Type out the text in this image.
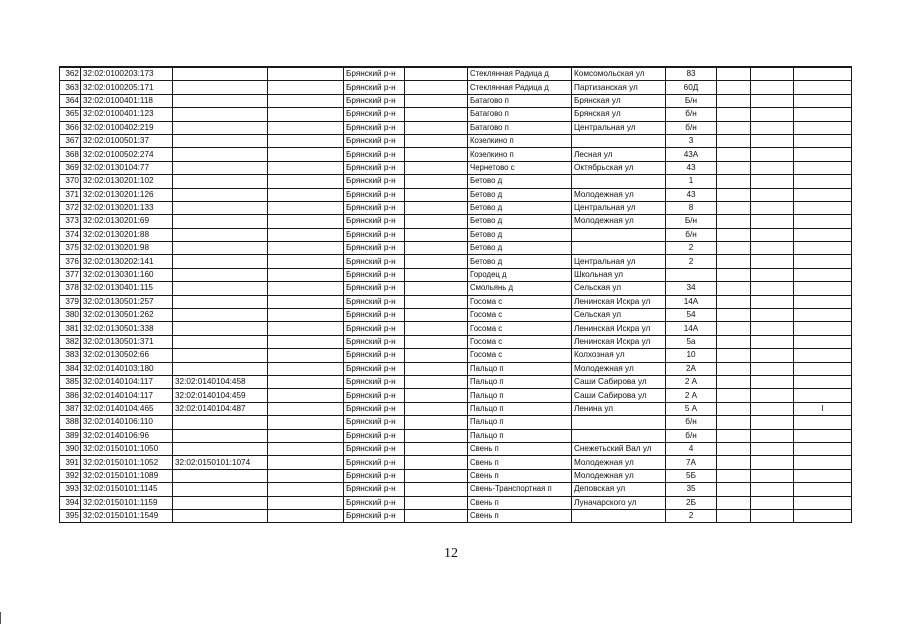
362	32:02:0100203:173			Брянский р-н		Стеклянная Радица д	Комсомольская ул	83			
363	32:02:0100205:171			Брянский р-н		Стеклянная Радица д	Партизанская ул	60Д			
364	32:02:0100401:118			Брянский р-н		Батагово п	Брянская ул	Б/н			
365	32:02:0100401:123			Брянский р-н		Батагово п	Брянская ул	б/н			
366	32:02:0100402:219			Брянский р-н		Батагово п	Центральная ул	б/н			
367	32:02:0100501:37			Брянский р-н		Козелкино п		3			
368	32:02:0100502:274			Брянский р-н		Козелкино п	Лесная ул	43А			
369	32:02:0130104:77			Брянский р-н		Чернетово с	Октябрьская ул	43			
370	32:02:0130201:102			Брянский р-н		Бетово д		1			
371	32:02:0130201:126			Брянский р-н		Бетово д	Молодежная ул	43			
372	32:02:0130201:133			Брянский р-н		Бетово д	Центральная ул	8			
373	32:02:0130201:69			Брянский р-н		Бетово д	Молодежная ул	Б/н			
374	32:02:0130201:88			Брянский р-н		Бетово д		б/н			
375	32:02:0130201:98			Брянский р-н		Бетово д		2			
376	32:02:0130202:141			Брянский р-н		Бетово д	Центральная ул	2			
377	32:02:0130301:160			Брянский р-н		Городец д	Школьная ул				
378	32:02:0130401:115			Брянский р-н		Смольянь д	Сельская ул	34			
379	32:02:0130501:257			Брянский р-н		Госома с	Ленинская Искра ул	14А			
380	32:02:0130501:262			Брянский р-н		Госома с	Сельская ул	54			
381	32:02:0130501:338			Брянский р-н		Госома с	Ленинская Искра ул	14А			
382	32:02:0130501:371			Брянский р-н		Госома с	Ленинская Искра ул	5а			
383	32:02:0130502:66			Брянский р-н		Госома с	Колхозная ул	10			
384	32:02:0140103:180			Брянский р-н		Пальцо п	Молодежная ул	2А			
385	32:02:0140104:117	32:02:0140104:458		Брянский р-н		Пальцо п	Саши Сабирова ул	2 А			
386	32:02:0140104:117	32:02:0140104:459		Брянский р-н		Пальцо п	Саши Сабирова ул	2 А			
387	32:02:0140104:465	32:02:0140104:487		Брянский р-н		Пальцо п	Ленина ул	5 А			I
388	32:02:0140106:110			Брянский р-н		Пальцо п		б/н			
389	32:02:0140106:96			Брянский р-н		Пальцо п		б/н			
390	32:02:0150101:1050			Брянский р-н		Свень п	Снежетьский Вал ул	4			
391	32:02:0150101:1052	32:02:0150101:1074		Брянский р-н		Свень п	Молодежная ул	7А			
392	32:02:0150101:1089			Брянский р-н		Свень п	Молодежная ул	5Б			
393	32:02:0150101:1145			Брянский р-н		Свень-Транспортная п	Деповская ул	35			
394	32:02:0150101:1159			Брянский р-н		Свень п	Луначарского ул	2Б			
395	32:02:0150101:1549			Брянский р-н		Свень п		2			
12
